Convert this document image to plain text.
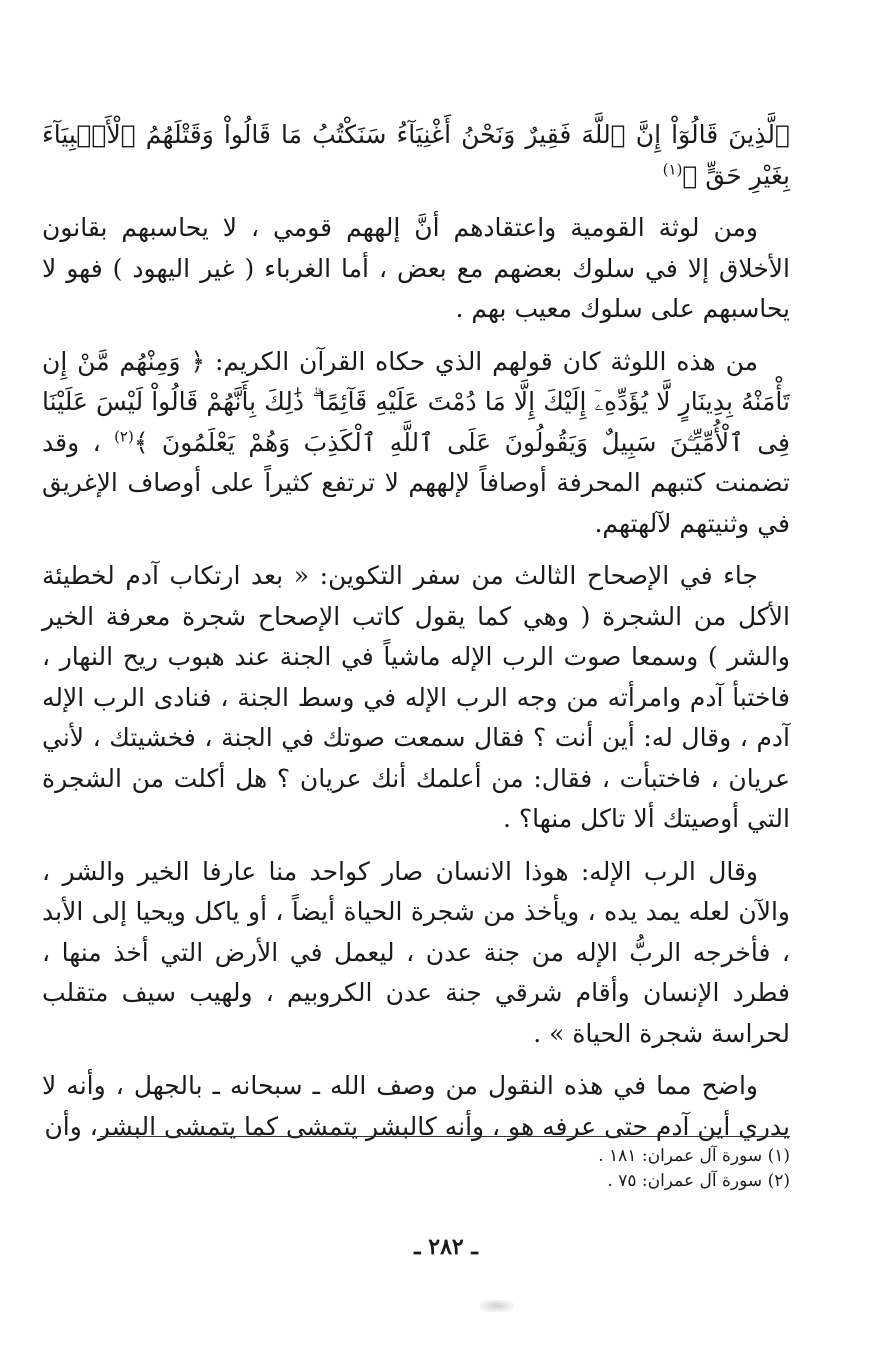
ٱلَّذِينَ قَالُوٓاْ إِنَّ ٱللَّهَ فَقِيرٌ وَنَحْنُ أَغْنِيَآءُ سَنَكْتُبُ مَا قَالُواْ وَقَتْلَهُمُ ٱلْأَنۢبِيَآءَ بِغَيْرِ حَقٍّ ﴾$^{(١)}$

ومن لوثة القومية واعتقادهم أنَّ إلههم قومي ، لا يحاسبهم بقانون الأخلاق إلا في سلوك بعضهم مع بعض ، أما الغرباء ( غير اليهود ) فهو لا يحاسبهم على سلوك معيب بهم .

من هذه اللوثة كان قولهم الذي حكاه القرآن الكريم: ﴿ وَمِنْهُم مَّنْ إِن تَأْمَنْهُ بِدِينَارٍ لَّا يُؤَدِّهِۦٓ إِلَيْكَ إِلَّا مَا دُمْتَ عَلَيْهِ قَآئِمًا ۗ ذَٰلِكَ بِأَنَّهُمْ قَالُواْ لَيْسَ عَلَيْنَا فِى ٱلْأُمِّيِّـۧنَ سَبِيلٌ وَيَقُولُونَ عَلَى ٱللَّهِ ٱلْكَذِبَ وَهُمْ يَعْلَمُونَ ﴾$^{(٢)}$ ، وقد تضمنت كتبهم المحرفة أوصافاً لإلههم لا ترتفع كثيراً على أوصاف الإغريق في وثنيتهم لآلهتهم.

جاء في الإصحاح الثالث من سفر التكوين: « بعد ارتكاب آدم لخطيئة الأكل من الشجرة ( وهي كما يقول كاتب الإصحاح شجرة معرفة الخير والشر ) وسمعا صوت الرب الإله ماشياً في الجنة عند هبوب ريح النهار ، فاختبأ آدم وامرأته من وجه الرب الإله في وسط الجنة ، فنادى الرب الإله آدم ، وقال له: أين أنت ؟ فقال سمعت صوتك في الجنة ، فخشيتك ، لأني عريان ، فاختبأت ، فقال: من أعلمك أنك عريان ؟ هل أكلت من الشجرة التي أوصيتك ألا تاكل منها؟ .

وقال الرب الإله: هوذا الانسان صار كواحد منا عارفا الخير والشر ، والآن لعله يمد يده ، ويأخذ من شجرة الحياة أيضاً ، أو ياكل ويحيا إلى الأبد ، فأخرجه الربُّ الإله من جنة عدن ، ليعمل في الأرض التي أخذ منها ، فطرد الإنسان وأقام شرقي جنة عدن الكروبيم ، ولهيب سيف متقلب لحراسة شجرة الحياة » .

واضح مما في هذه النقول من وصف الله ـ سبحانه ـ بالجهل ، وأنه لا يدري أين آدم حتى عرفه هو ، وأنه كالبشر يتمشى كما يتمشى البشر، وأن

(١) سورة آل عمران: ١٨١ .
(٢) سورة آل عمران: ٧٥ .
ـ ٢٨٢ ـ
